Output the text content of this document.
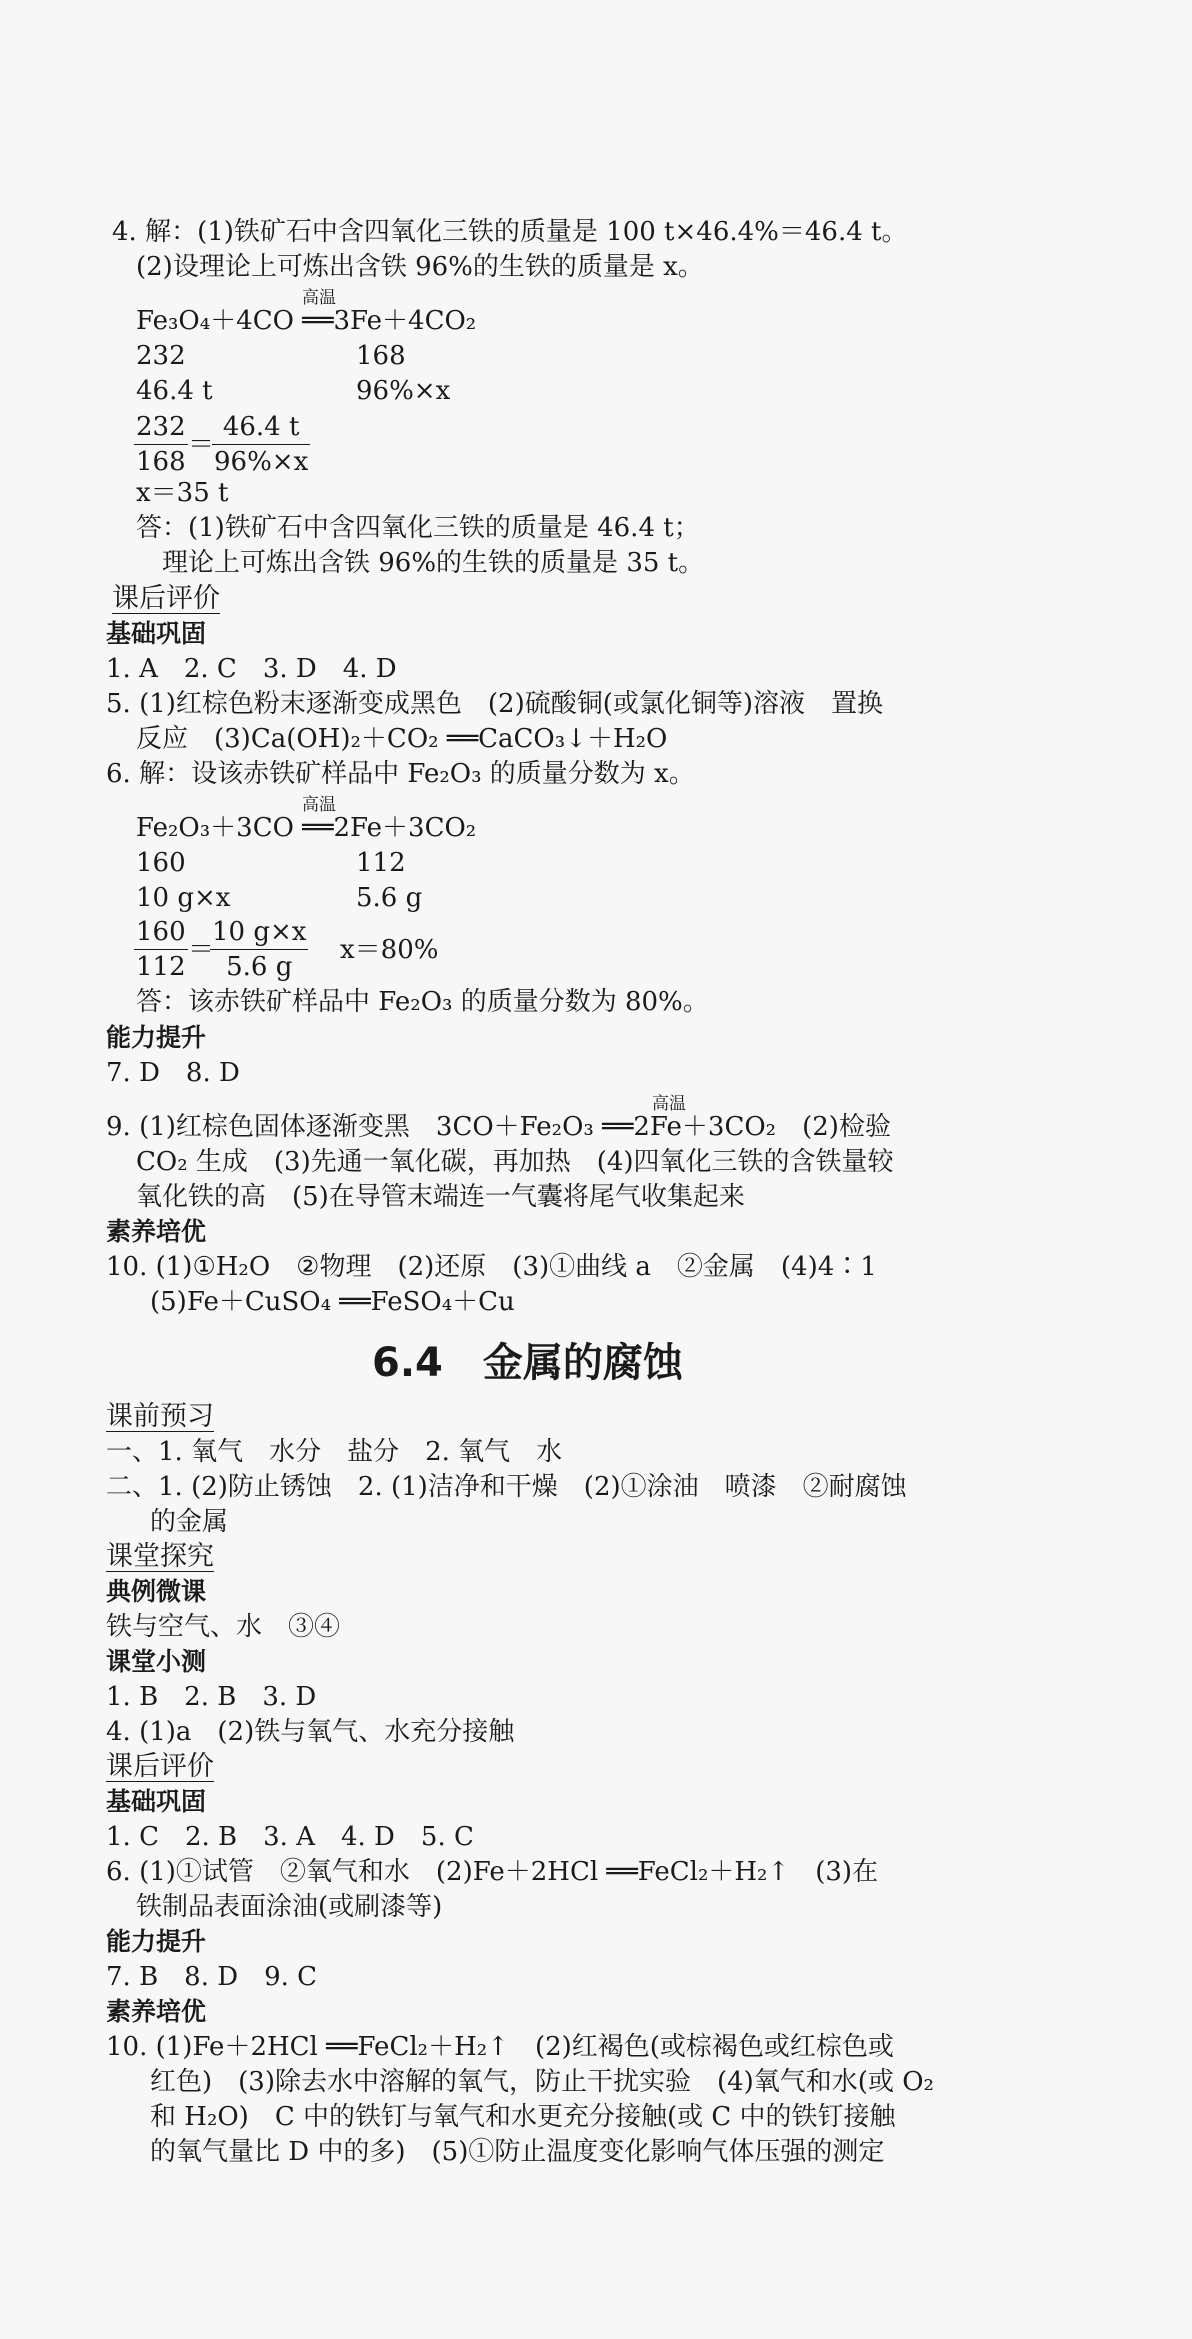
4. 解：(1)铁矿石中含四氧化三铁的质量是 100 t×46.4%＝46.4 t。
(2)设理论上可炼出含铁 96%的生铁的质量是 x。
高温
Fe₃O₄＋4CO ══3Fe＋4CO₂
232	168
46.4 t	96%×x
$\frac{232}{168}$ ＝
$\frac{46.4 t}{96\%\times x}$
x＝35 t
答：(1)铁矿石中含四氧化三铁的质量是 46.4 t；
理论上可炼出含铁 96%的生铁的质量是 35 t。
课后评价
基础巩固
1. A　2. C　3. D　4. D
5. (1)红棕色粉末逐渐变成黑色　(2)硫酸铜(或氯化铜等)溶液　置换
反应　(3)Ca(OH)₂＋CO₂ ══CaCO₃↓＋H₂O
6. 解：设该赤铁矿样品中 Fe₂O₃ 的质量分数为 x。
高温
Fe₂O₃＋3CO ══2Fe＋3CO₂
160	112
10 g×x	5.6 g
$\frac{160}{112}$ ＝
$\frac{10 g\times x}{5.6 g} x=80\%$
答：该赤铁矿样品中 Fe₂O₃ 的质量分数为 80%。
能力提升
7. D　8. D
高温
9. (1)红棕色固体逐渐变黑　3CO＋Fe₂O₃ ══2Fe＋3CO₂　(2)检验
CO₂ 生成　(3)先通一氧化碳，再加热　(4)四氧化三铁的含铁量较
氧化铁的高　(5)在导管末端连一气囊将尾气收集起来
素养培优
10. (1)①H₂O　②物理　(2)还原　(3)①曲线 a　②金属　(4)4∶1
(5)Fe＋CuSO₄ ══FeSO₄＋Cu
6.4　金属的腐蚀
课前预习
一、1. 氧气　水分　盐分　2. 氧气　水
二、1. (2)防止锈蚀　2. (1)洁净和干燥　(2)①涂油　喷漆　②耐腐蚀
的金属
课堂探究
典例微课
铁与空气、水　③④
课堂小测
1. B　2. B　3. D
4. (1)a　(2)铁与氧气、水充分接触
课后评价
基础巩固
1. C　2. B　3. A　4. D　5. C
6. (1)①试管　②氧气和水　(2)Fe＋2HCl ══FeCl₂＋H₂↑　(3)在
铁制品表面涂油(或刷漆等)
能力提升
7. B　8. D　9. C
素养培优
10. (1)Fe＋2HCl ══FeCl₂＋H₂↑　(2)红褐色(或棕褐色或红棕色或
红色)　(3)除去水中溶解的氧气，防止干扰实验　(4)氧气和水(或 O₂
和 H₂O)　C 中的铁钉与氧气和水更充分接触(或 C 中的铁钉接触
的氧气量比 D 中的多)　(5)①防止温度变化影响气体压强的测定
